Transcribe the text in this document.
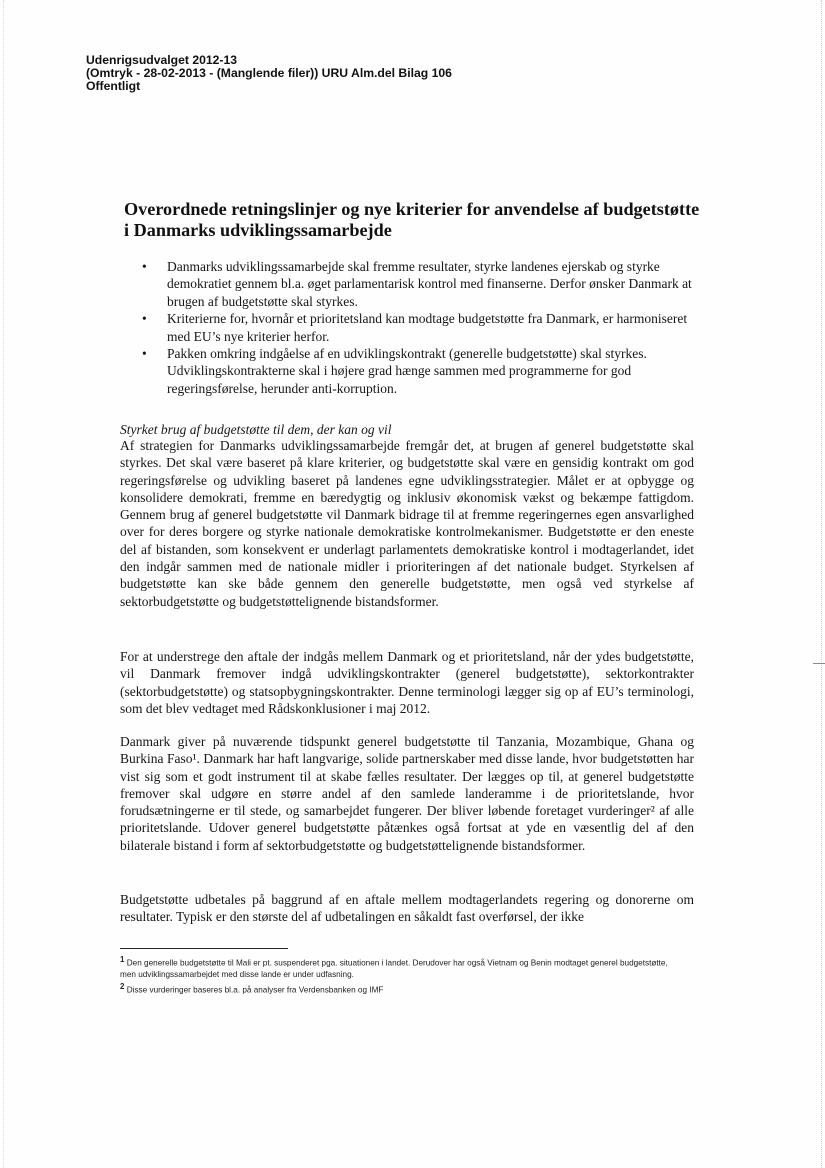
Udenrigsudvalget 2012-13
(Omtryk - 28-02-2013 - (Manglende filer)) URU Alm.del Bilag 106
Offentligt
Overordnede retningslinjer og nye kriterier for anvendelse af budgetstøtte i Danmarks udviklingssamarbejde
• Danmarks udviklingssamarbejde skal fremme resultater, styrke landenes ejerskab og styrke demokratiet gennem bl.a. øget parlamentarisk kontrol med finanserne. Derfor ønsker Danmark at brugen af budgetstøtte skal styrkes.
• Kriterierne for, hvornår et prioritetsland kan modtage budgetstøtte fra Danmark, er harmoniseret med EU’s nye kriterier herfor.
• Pakken omkring indgåelse af en udviklingskontrakt (generelle budgetstøtte) skal styrkes. Udviklingskontrakterne skal i højere grad hænge sammen med programmerne for god regeringsførelse, herunder anti-korruption.

Styrket brug af budgetstøtte til dem, der kan og vil

Af strategien for Danmarks udviklingssamarbejde fremgår det, at brugen af generel budgetstøtte skal styrkes. Det skal være baseret på klare kriterier, og budgetstøtte skal være en gensidig kontrakt om god regeringsførelse og udvikling baseret på landenes egne udviklingsstrategier. Målet er at opbygge og konsolidere demokrati, fremme en bæredygtig og inklusiv økonomisk vækst og bekæmpe fattigdom. Gennem brug af generel budgetstøtte vil Danmark bidrage til at fremme regeringernes egen ansvarlighed over for deres borgere og styrke nationale demokratiske kontrolmekanismer. Budgetstøtte er den eneste del af bistanden, som konsekvent er underlagt parlamentets demokratiske kontrol i modtagerlandet, idet den indgår sammen med de nationale midler i prioriteringen af det nationale budget. Styrkelsen af budgetstøtte kan ske både gennem den generelle budgetstøtte, men også ved styrkelse af sektorbudgetstøtte og budgetstøttelignende bistandsformer.

For at understrege den aftale der indgås mellem Danmark og et prioritetsland, når der ydes budgetstøtte, vil Danmark fremover indgå udviklingskontrakter (generel budgetstøtte), sektorkontrakter (sektorbudgetstøtte) og statsopbygningskontrakter. Denne terminologi lægger sig op af EU’s terminologi, som det blev vedtaget med Rådskonklusioner i maj 2012.

Danmark giver på nuværende tidspunkt generel budgetstøtte til Tanzania, Mozambique, Ghana og Burkina Faso¹. Danmark har haft langvarige, solide partnerskaber med disse lande, hvor budgetstøtten har vist sig som et godt instrument til at skabe fælles resultater. Der lægges op til, at generel budgetstøtte fremover skal udgøre en større andel af den samlede landeramme i de prioritetslande, hvor forudsætningerne er til stede, og samarbejdet fungerer. Der bliver løbende foretaget vurderinger² af alle prioritetslande. Udover generel budgetstøtte påtænkes også fortsat at yde en væsentlig del af den bilaterale bistand i form af sektorbudgetstøtte og budgetstøttelignende bistandsformer.

Budgetstøtte udbetales på baggrund af en aftale mellem modtagerlandets regering og donorerne om resultater. Typisk er den største del af udbetalingen en såkaldt fast overførsel, der ikke

$^1$ Den generelle budgetstøtte til Mali er pt. suspenderet pga. situationen i landet. Derudover har også Vietnam og Benin modtaget generel budgetstøtte, men udviklingssamarbejdet med disse lande er under udfasning.
$^2$ Disse vurderinger baseres bl.a. på analyser fra Verdensbanken og IMF
